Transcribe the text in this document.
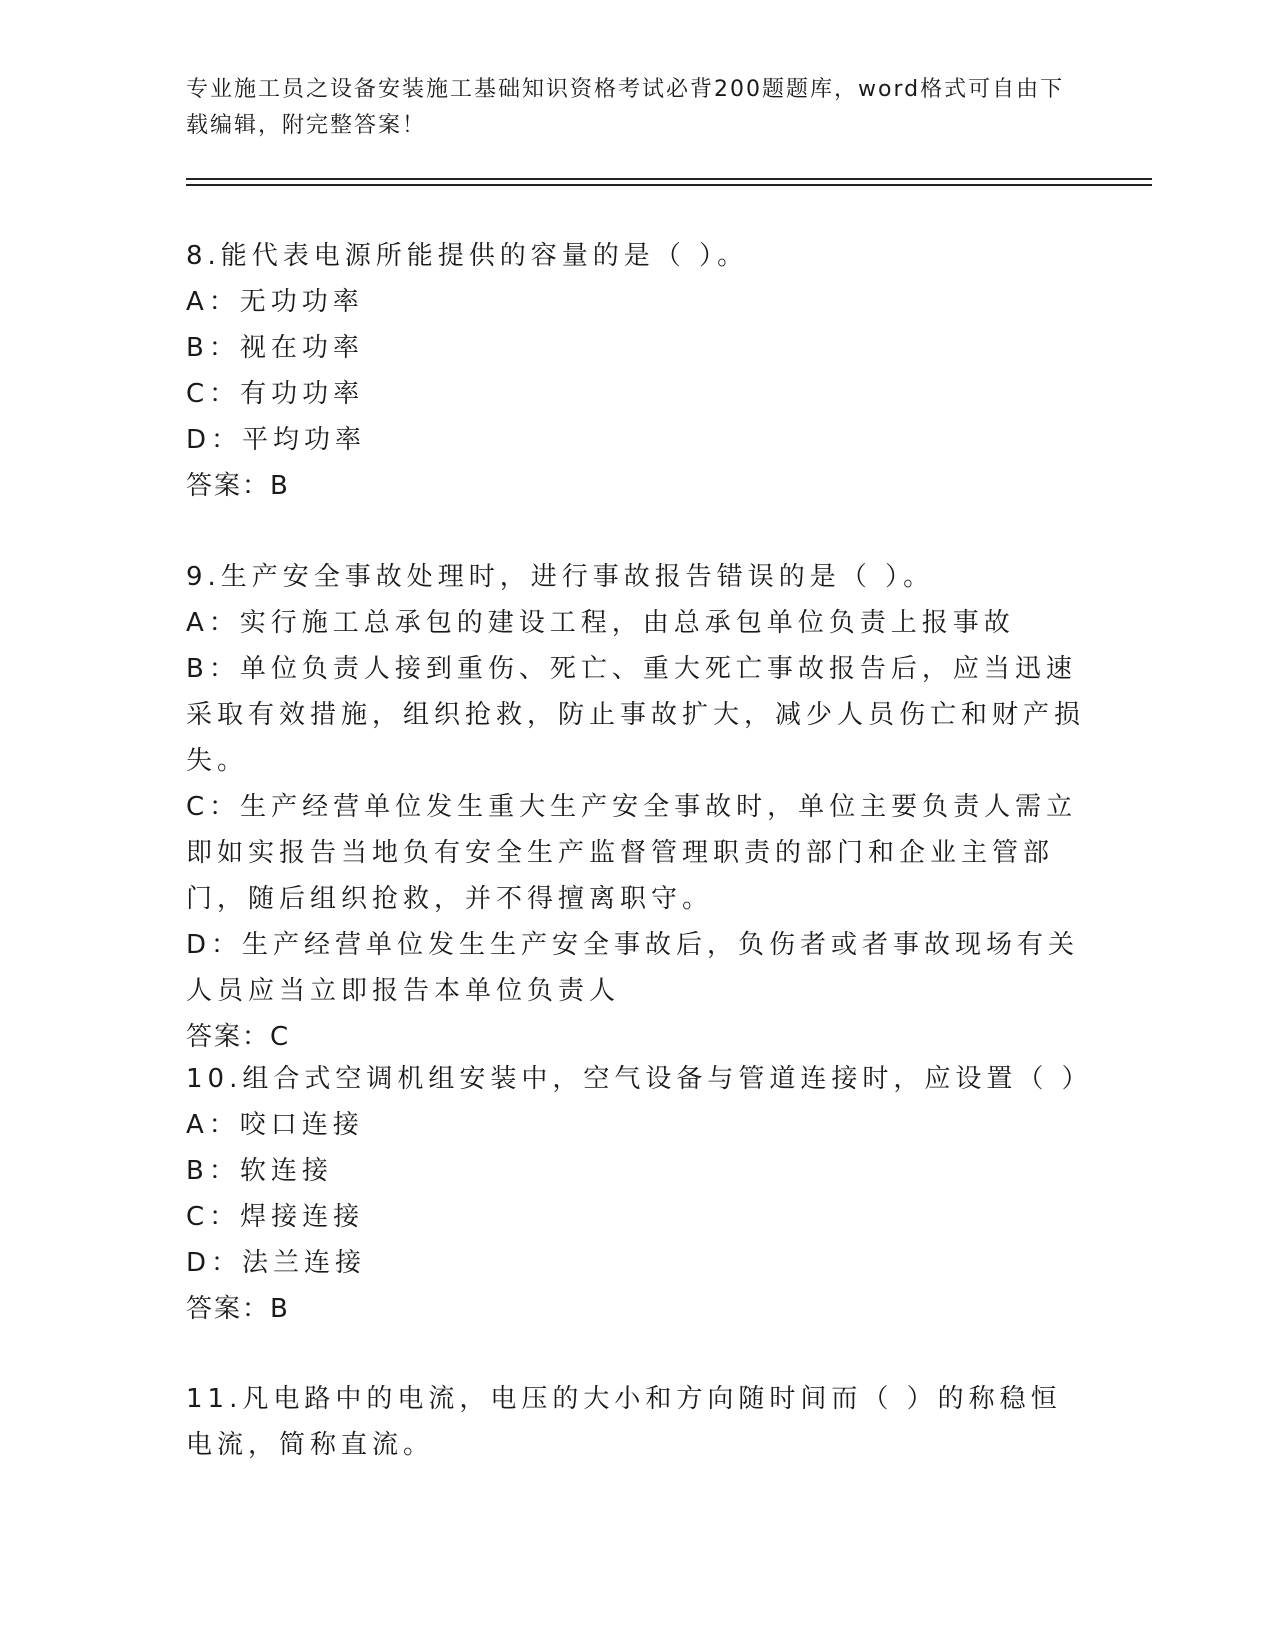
专业施工员之设备安装施工基础知识资格考试必背200题题库，word格式可自由下载编辑，附完整答案！
8.能代表电源所能提供的容量的是（ ）。
A：无功功率
B：视在功率
C：有功功率
D：平均功率
答案：B
9.生产安全事故处理时，进行事故报告错误的是（ ）。
A：实行施工总承包的建设工程，由总承包单位负责上报事故
B：单位负责人接到重伤、死亡、重大死亡事故报告后，应当迅速采取有效措施，组织抢救，防止事故扩大，减少人员伤亡和财产损失。
C：生产经营单位发生重大生产安全事故时，单位主要负责人需立即如实报告当地负有安全生产监督管理职责的部门和企业主管部门，随后组织抢救，并不得擅离职守。
D：生产经营单位发生生产安全事故后，负伤者或者事故现场有关人员应当立即报告本单位负责人
答案：C
10.组合式空调机组安装中，空气设备与管道连接时，应设置（ ）
A：咬口连接
B：软连接
C：焊接连接
D：法兰连接
答案：B
11.凡电路中的电流，电压的大小和方向随时间而（ ）的称稳恒电流，简称直流。
